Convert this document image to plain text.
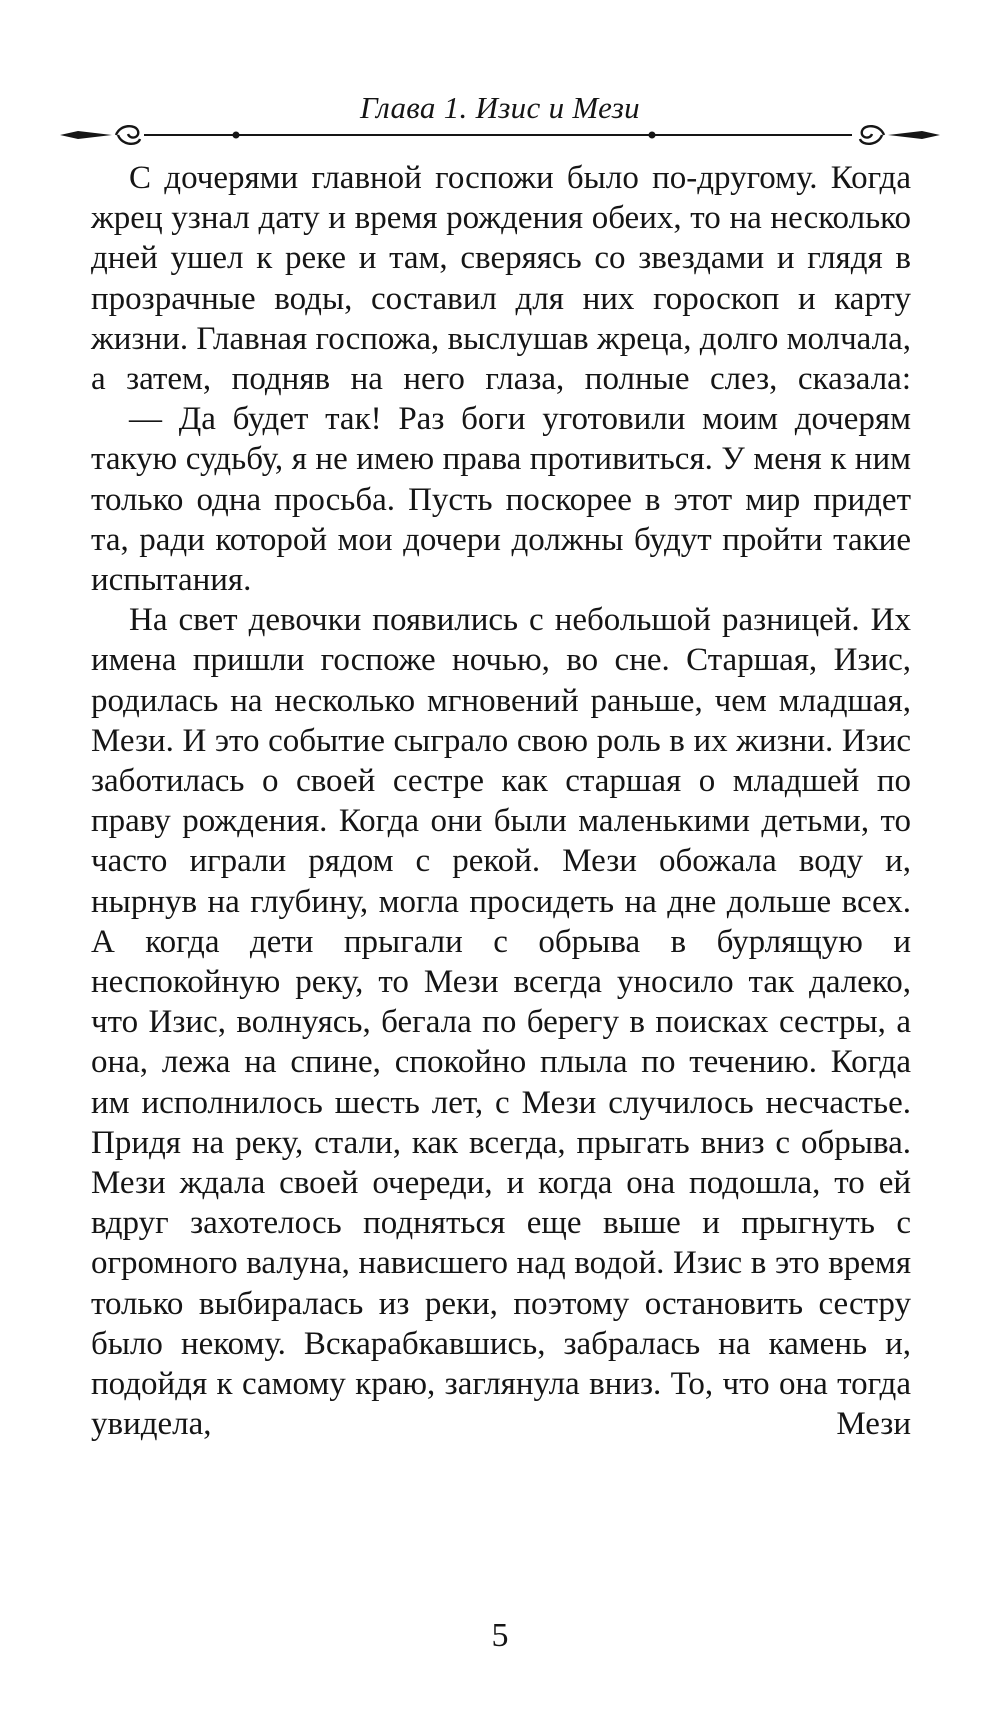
Глава 1. Изис и Мези

С дочерями главной госпожи было по-другому. Когда жрец узнал дату и время рождения обеих, то на несколько дней ушел к реке и там, сверяясь со звездами и глядя в прозрачные воды, составил для них гороскоп и карту жизни. Главная госпожа, выслушав жреца, долго молчала, а затем, подняв на него глаза, полные слез, сказала:

— Да будет так! Раз боги уготовили моим дочерям такую судьбу, я не имею права противиться. У меня к ним только одна просьба. Пусть поскорее в этот мир придет та, ради которой мои дочери должны будут пройти такие испытания.

На свет девочки появились с небольшой разницей. Их имена пришли госпоже ночью, во сне. Старшая, Изис, родилась на несколько мгновений раньше, чем младшая, Мези. И это событие сыграло свою роль в их жизни. Изис заботилась о своей сестре как старшая о младшей по праву рождения. Когда они были маленькими детьми, то часто играли рядом с рекой. Мези обожала воду и, нырнув на глубину, могла просидеть на дне дольше всех. А когда дети прыгали с обрыва в бурлящую и неспокойную реку, то Мези всегда уносило так далеко, что Изис, волнуясь, бегала по берегу в поисках сестры, а она, лежа на спине, спокойно плыла по течению. Когда им исполнилось шесть лет, с Мези случилось несчастье. Придя на реку, стали, как всегда, прыгать вниз с обрыва. Мези ждала своей очереди, и когда она подошла, то ей вдруг захотелось подняться еще выше и прыгнуть с огромного валуна, нависшего над водой. Изис в это время только выбиралась из реки, поэтому остановить сестру было некому. Вскарабкавшись, забралась на камень и, подойдя к самому краю, заглянула вниз. То, что она тогда увидела, Мези

5
